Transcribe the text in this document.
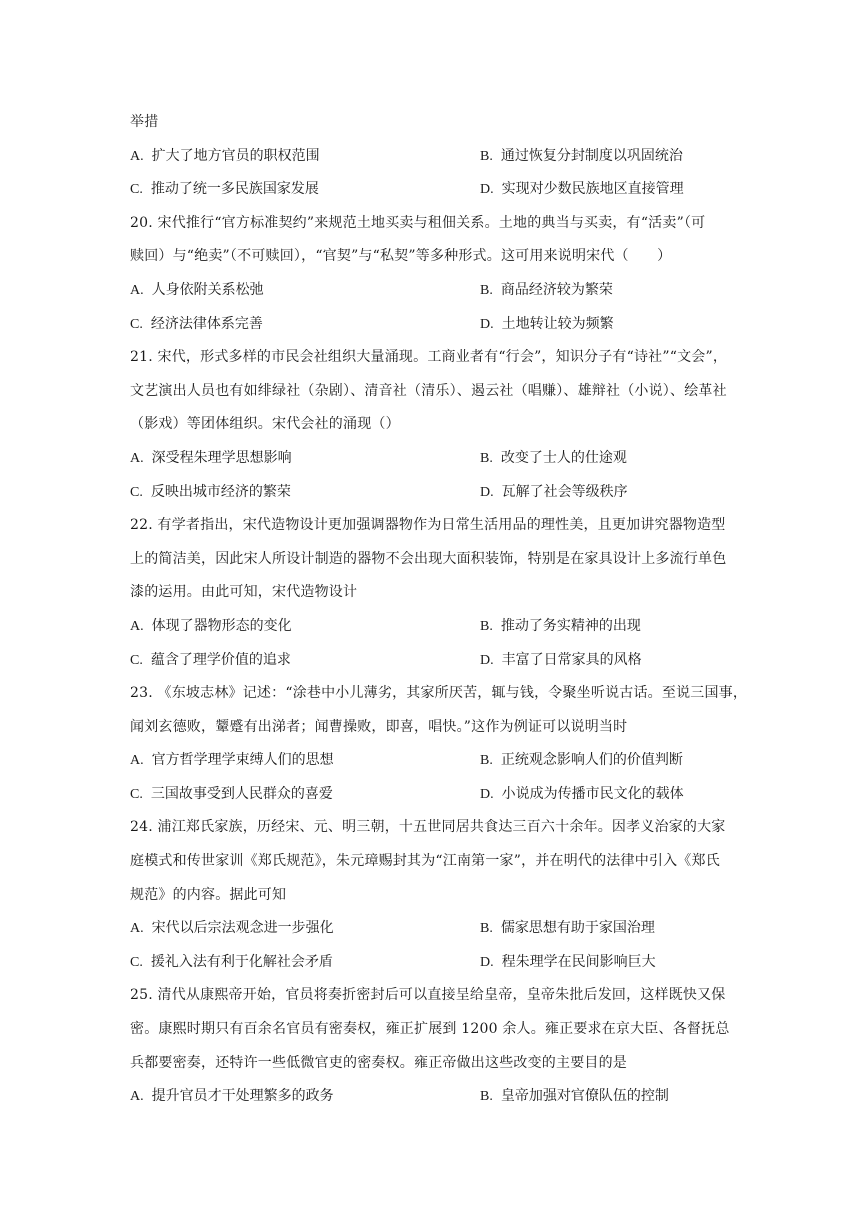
举措
A. 扩大了地方官员的职权范围	B. 通过恢复分封制度以巩固统治
C. 推动了统一多民族国家发展	D. 实现对少数民族地区直接管理
20. 宋代推行“官方标准契约”来规范土地买卖与租佃关系。土地的典当与买卖，有“活卖”（可
赎回）与“绝卖”（不可赎回），“官契”与“私契”等多种形式。这可用来说明宋代（　　）
A. 人身依附关系松弛	B. 商品经济较为繁荣
C. 经济法律体系完善	D. 土地转让较为频繁
21. 宋代，形式多样的市民会社组织大量涌现。工商业者有“行会”，知识分子有“诗社”“文会”，
文艺演出人员也有如绯绿社（杂剧）、清音社（清乐）、遏云社（唱赚）、雄辩社（小说）、绘革社
（影戏）等团体组织。宋代会社的涌现（）
A. 深受程朱理学思想影响	B. 改变了士人的仕途观
C. 反映出城市经济的繁荣	D. 瓦解了社会等级秩序
22. 有学者指出，宋代造物设计更加强调器物作为日常生活用品的理性美，且更加讲究器物造型
上的简洁美，因此宋人所设计制造的器物不会出现大面积装饰，特别是在家具设计上多流行单色
漆的运用。由此可知，宋代造物设计
A. 体现了器物形态的变化	B. 推动了务实精神的出现
C. 蕴含了理学价值的追求	D. 丰富了日常家具的风格
23. 《东坡志林》记述：“涂巷中小儿薄劣，其家所厌苦，辄与钱，令聚坐听说古话。至说三国事，
闻刘玄德败，颦蹙有出涕者；闻曹操败，即喜，唱快。”这作为例证可以说明当时
A. 官方哲学理学束缚人们的思想	B. 正统观念影响人们的价值判断
C. 三国故事受到人民群众的喜爱	D. 小说成为传播市民文化的载体
24. 浦江郑氏家族，历经宋、元、明三朝，十五世同居共食达三百六十余年。因孝义治家的大家
庭模式和传世家训《郑氏规范》，朱元璋赐封其为“江南第一家”，并在明代的法律中引入《郑氏
规范》的内容。据此可知
A. 宋代以后宗法观念进一步强化	B. 儒家思想有助于家国治理
C. 援礼入法有利于化解社会矛盾	D. 程朱理学在民间影响巨大
25. 清代从康熙帝开始，官员将奏折密封后可以直接呈给皇帝，皇帝朱批后发回，这样既快又保
密。康熙时期只有百余名官员有密奏权，雍正扩展到 1200 余人。雍正要求在京大臣、各督抚总
兵都要密奏，还特许一些低微官吏的密奏权。雍正帝做出这些改变的主要目的是
A. 提升官员才干处理繁多的政务	B. 皇帝加强对官僚队伍的控制
